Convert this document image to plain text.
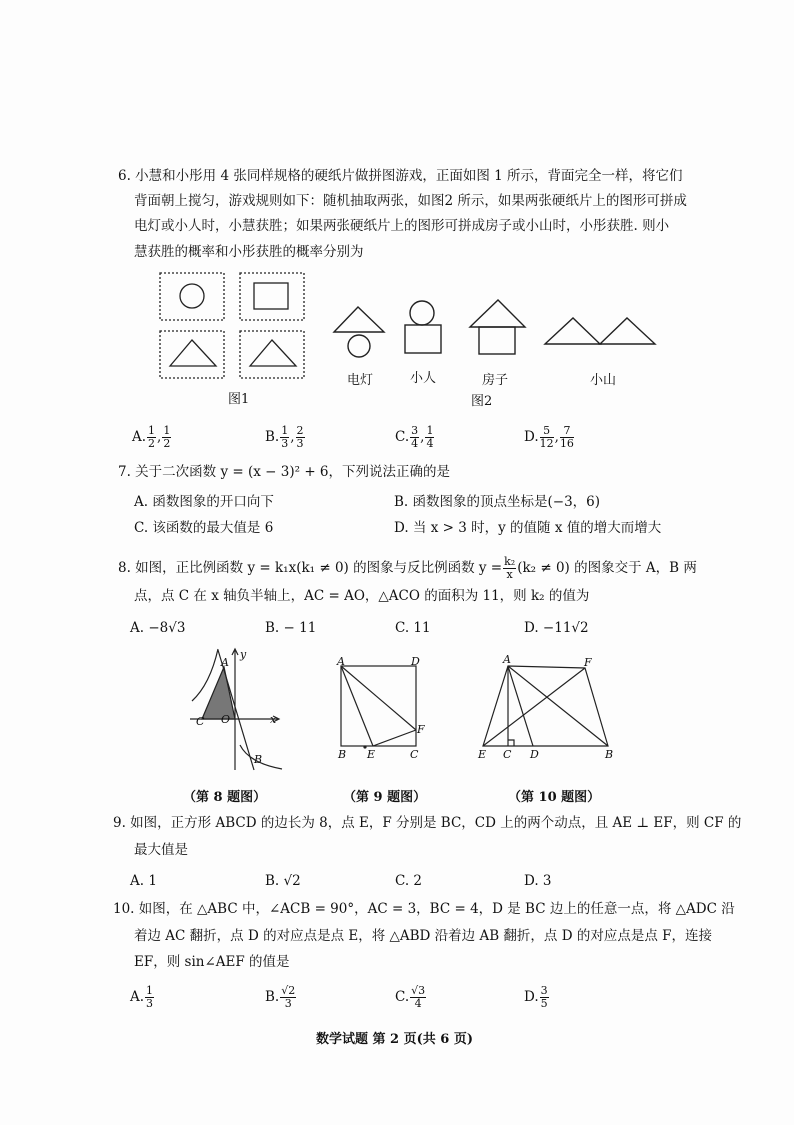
6. 小慧和小彤用 4 张同样规格的硬纸片做拼图游戏，正面如图 1 所示，背面完全一样，将它们
背面朝上搅匀，游戏规则如下：随机抽取两张，如图2 所示，如果两张硬纸片上的图形可拼成
电灯或小人时，小慧获胜；如果两张硬纸片上的图形可拼成房子或小山时，小彤获胜. 则小
慧获胜的概率和小彤获胜的概率分别为
图1
电灯	小人	房子	小山
图2
A. $\frac{1}{2}$ , $\frac{1}{2}$	B. $\frac{1}{3}$ , $\frac{2}{3}$	C. $\frac{3}{4}$ , $\frac{1}{4}$	D. $\frac{5}{12}$ , $\frac{7}{16}$
7. 关于二次函数 y = (x − 3)² + 6，下列说法正确的是
A. 函数图象的开口向下	B. 函数图象的顶点坐标是(−3，6)
C. 该函数的最大值是 6	D. 当 x > 3 时，y 的值随 x 值的增大而增大
8. 如图，正比例函数 y = k₁x(k₁ ≠ 0) 的图象与反比例函数 $y = \frac{\text{k₂}}{x} (k_2 \ne 0)$ 的图象交于 A，B 两
点，点 C 在 x 轴负半轴上，AC = AO，△ACO 的面积为 11，则 k₂ 的值为
A. −8√3	B. − 11	C. 11	D. −11√2
A
y
C O	x
B
A	D
B E	C
F
A	F
E C D	B
（第 8 题图）	（第 9 题图）	（第 10 题图）
9. 如图，正方形 ABCD 的边长为 8，点 E，F 分别是 BC，CD 上的两个动点，且 AE ⊥ EF，则 CF 的
最大值是
A. 1	B. √2	C. 2	D. 3
10. 如图，在 △ABC 中，∠ACB = 90°，AC = 3，BC = 4，D 是 BC 边上的任意一点，将 △ADC 沿
着边 AC 翻折，点 D 的对应点是点 E，将 △ABD 沿着边 AB 翻折，点 D 的对应点是点 F，连接
EF，则 sin∠AEF 的值是
A. $\frac{1}{3}$	B. $\frac{√2}{3}$	C. $\frac{√3}{4}$	D. $\frac{3}{5}$
数学试题 第 2 页(共 6 页)
